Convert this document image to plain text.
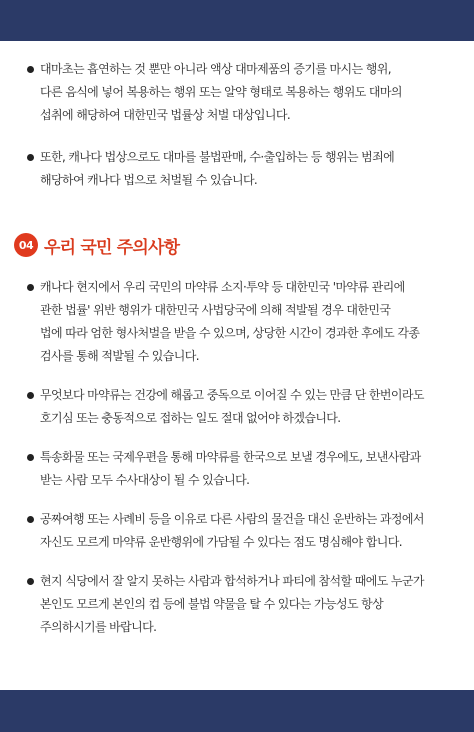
대마초는 흡연하는 것 뿐만 아니라 액상 대마제품의 증기를 마시는 행위,
다른 음식에 넣어 복용하는 행위 또는 알약 형태로 복용하는 행위도 대마의
섭취에 해당하여 대한민국 법률상 처벌 대상입니다.

또한, 캐나다 법상으로도 대마를 불법판매, 수·출입하는 등 행위는 범죄에
해당하여 캐나다 법으로 처벌될 수 있습니다.

04 우리 국민 주의사항

캐나다 현지에서 우리 국민의 마약류 소지·투약 등 대한민국 '마약류 관리에
관한 법률' 위반 행위가 대한민국 사법당국에 의해 적발될 경우 대한민국
법에 따라 엄한 형사처벌을 받을 수 있으며, 상당한 시간이 경과한 후에도 각종
검사를 통해 적발될 수 있습니다.

무엇보다 마약류는 건강에 해롭고 중독으로 이어질 수 있는 만큼 단 한번이라도
호기심 또는 충동적으로 접하는 일도 절대 없어야 하겠습니다.

특송화물 또는 국제우편을 통해 마약류를 한국으로 보낼 경우에도, 보낸사람과
받는 사람 모두 수사대상이 될 수 있습니다.

공짜여행 또는 사례비 등을 이유로 다른 사람의 물건을 대신 운반하는 과정에서
자신도 모르게 마약류 운반행위에 가담될 수 있다는 점도 명심해야 합니다.

현지 식당에서 잘 알지 못하는 사람과 합석하거나 파티에 참석할 때에도 누군가
본인도 모르게 본인의 컵 등에 불법 약물을 탈 수 있다는 가능성도 항상
주의하시기를 바랍니다.
